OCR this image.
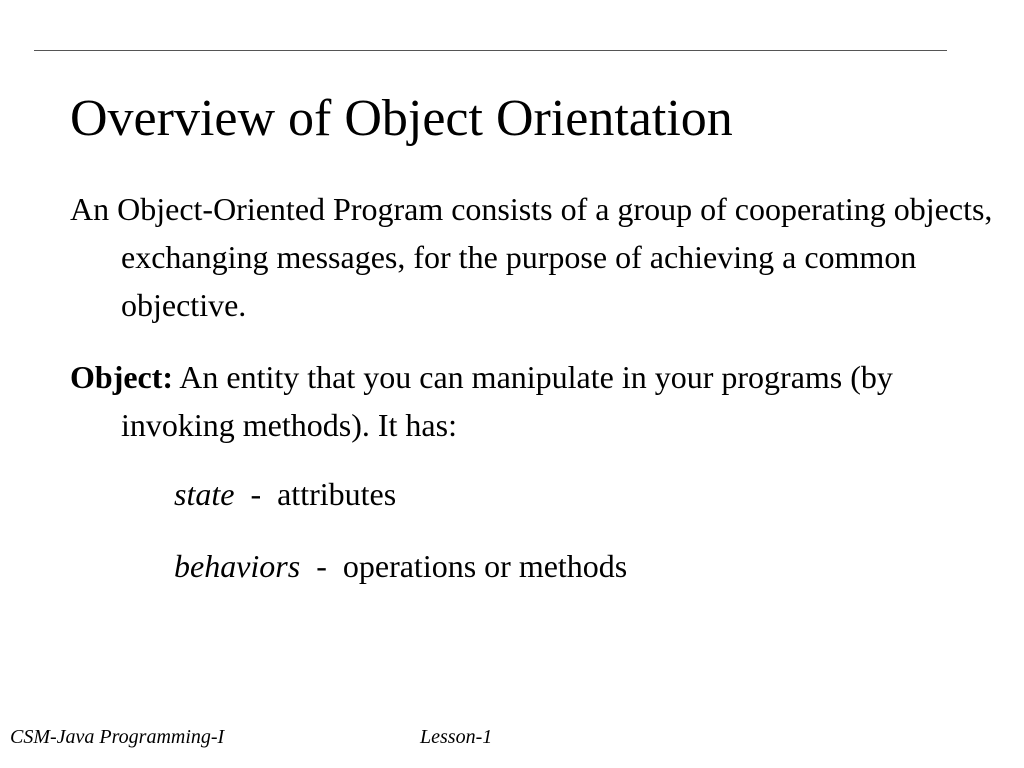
Overview of Object Orientation

An Object-Oriented Program consists of a group of cooperating objects, exchanging messages, for the purpose of achieving a common objective.

Object: An entity that you can manipulate in your programs (by invoking methods). It has:

state  -  attributes

behaviors  -  operations or methods

CSM-Java Programming-I	Lesson-1
